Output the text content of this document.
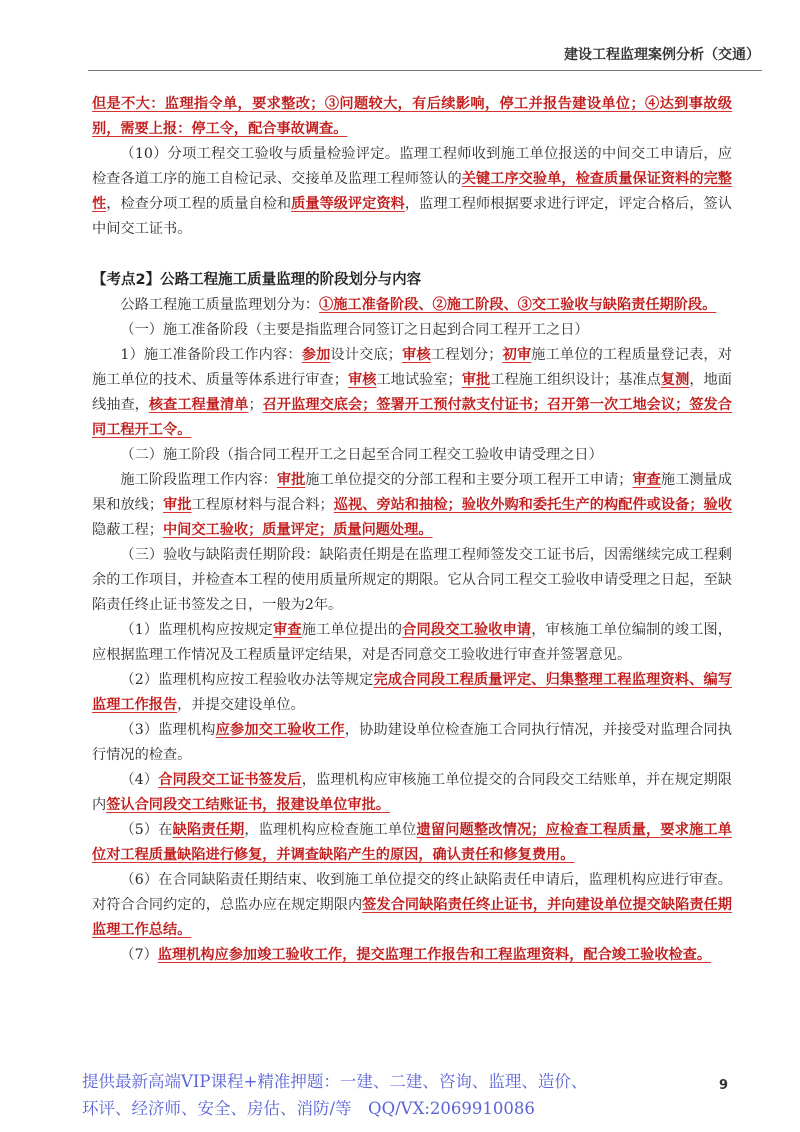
建设工程监理案例分析（交通）

但是不大：监理指令单，要求整改；③问题较大，有后续影响，停工并报告建设单位；④达到事故级别，需要上报：停工令，配合事故调查。

（10）分项工程交工验收与质量检验评定。监理工程师收到施工单位报送的中间交工申请后，应检查各道工序的施工自检记录、交接单及监理工程师签认的关键工序交验单，检查质量保证资料的完整性，检查分项工程的质量自检和质量等级评定资料，监理工程师根据要求进行评定，评定合格后，签认中间交工证书。

【考点2】公路工程施工质量监理的阶段划分与内容

公路工程施工质量监理划分为：①施工准备阶段、②施工阶段、③交工验收与缺陷责任期阶段。

（一）施工准备阶段（主要是指监理合同签订之日起到合同工程开工之日）

1）施工准备阶段工作内容：参加设计交底；审核工程划分；初审施工单位的工程质量登记表，对施工单位的技术、质量等体系进行审查；审核工地试验室；审批工程施工组织设计；基准点复测，地面线抽查，核查工程量清单；召开监理交底会；签署开工预付款支付证书；召开第一次工地会议；签发合同工程开工令。

（二）施工阶段（指合同工程开工之日起至合同工程交工验收申请受理之日）

施工阶段监理工作内容：审批施工单位提交的分部工程和主要分项工程开工申请；审查施工测量成果和放线；审批工程原材料与混合料；巡视、旁站和抽检；验收外购和委托生产的构配件或设备；验收隐蔽工程；中间交工验收；质量评定；质量问题处理。

（三）验收与缺陷责任期阶段：缺陷责任期是在监理工程师签发交工证书后，因需继续完成工程剩余的工作项目，并检查本工程的使用质量所规定的期限。它从合同工程交工验收申请受理之日起，至缺陷责任终止证书签发之日，一般为2年。

（1）监理机构应按规定审查施工单位提出的合同段交工验收申请，审核施工单位编制的竣工图，应根据监理工作情况及工程质量评定结果，对是否同意交工验收进行审查并签署意见。

（2）监理机构应按工程验收办法等规定完成合同段工程质量评定、归集整理工程监理资料、编写监理工作报告，并提交建设单位。

（3）监理机构应参加交工验收工作，协助建设单位检查施工合同执行情况，并接受对监理合同执行情况的检查。

（4）合同段交工证书签发后，监理机构应审核施工单位提交的合同段交工结账单，并在规定期限内签认合同段交工结账证书，报建设单位审批。

（5）在缺陷责任期，监理机构应检查施工单位遗留问题整改情况；应检查工程质量，要求施工单位对工程质量缺陷进行修复，并调查缺陷产生的原因，确认责任和修复费用。

（6）在合同缺陷责任期结束、收到施工单位提交的终止缺陷责任申请后，监理机构应进行审查。对符合合同约定的，总监办应在规定期限内签发合同缺陷责任终止证书，并向建设单位提交缺陷责任期监理工作总结。

（7）监理机构应参加竣工验收工作，提交监理工作报告和工程监理资料，配合竣工验收检查。

提供最新高端VIP课程+精准押题：一建、二建、咨询、监理、造价、
环评、经济师、安全、房估、消防/等　QQ/VX:2069910086
9
